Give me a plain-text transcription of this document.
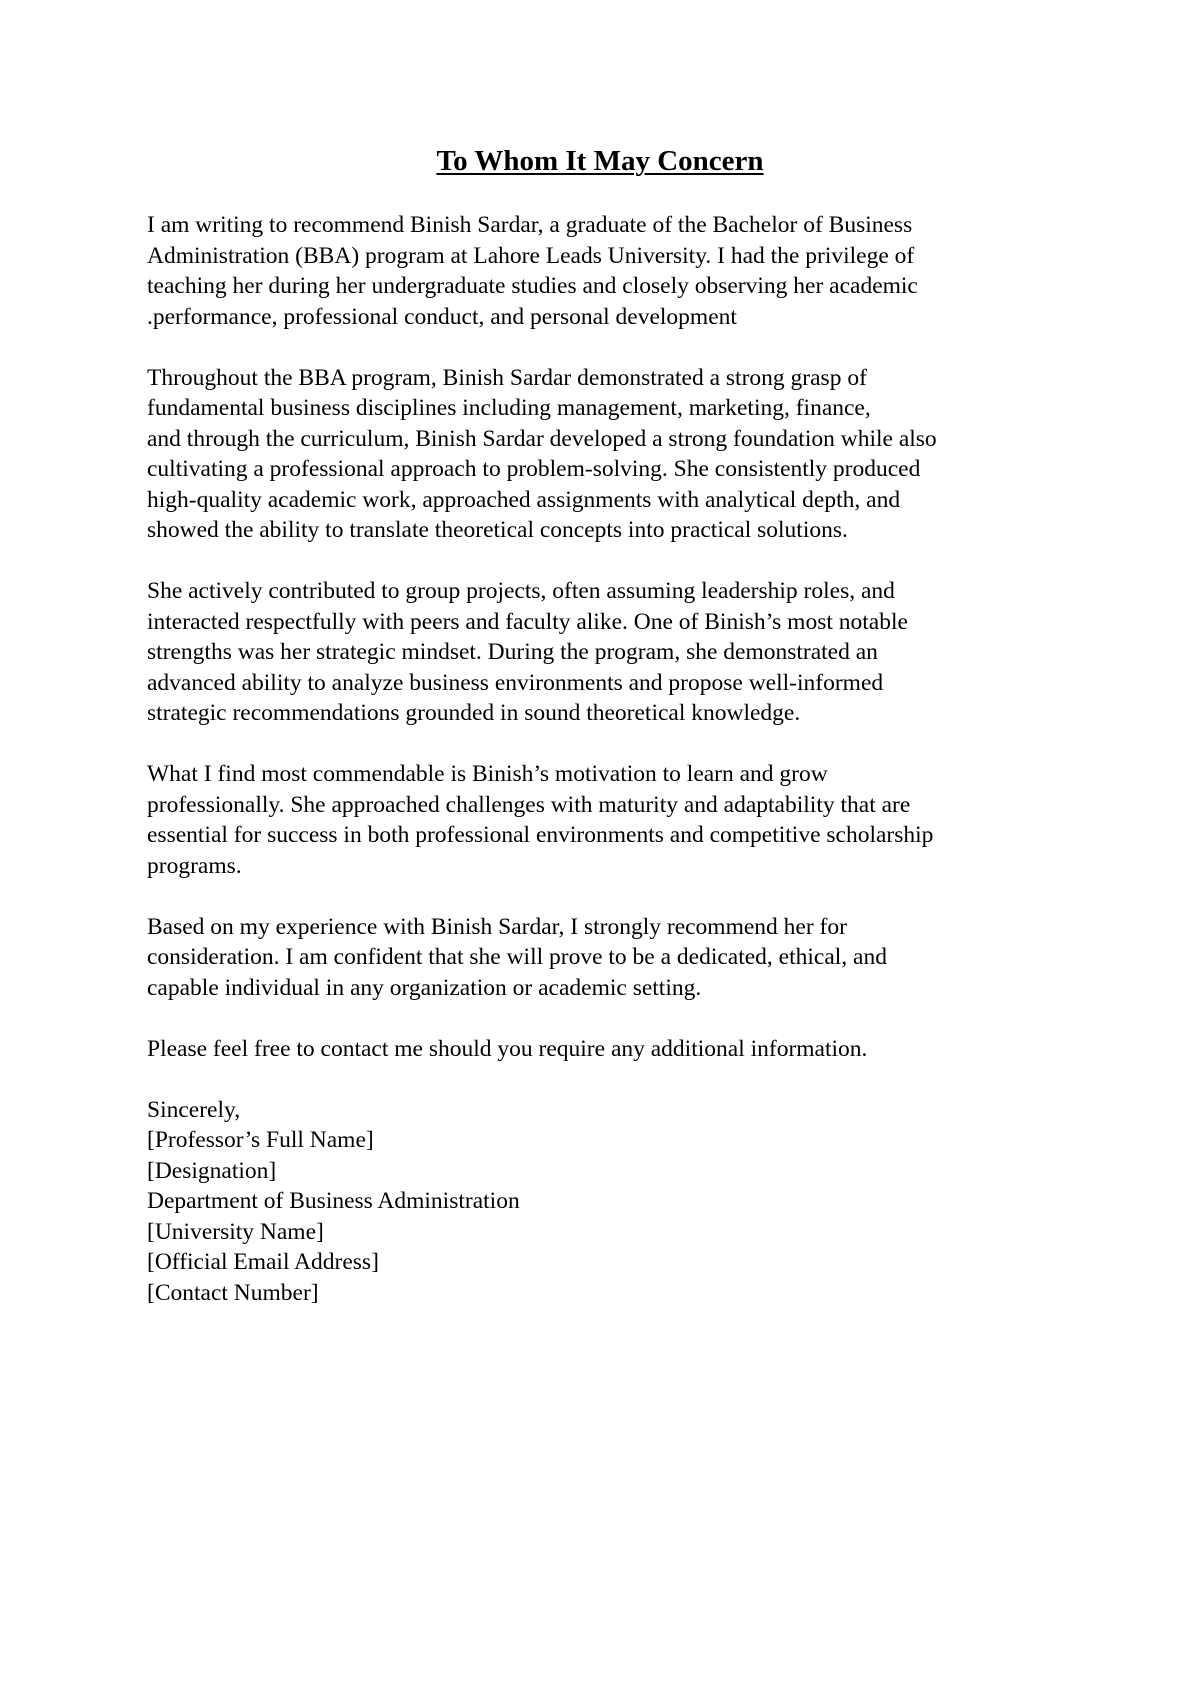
To Whom It May Concern
I am writing to recommend Binish Sardar, a graduate of the Bachelor of Business
Administration (BBA) program at Lahore Leads University. I had the privilege of
teaching her during her undergraduate studies and closely observing her academic
.performance, professional conduct, and personal development
Throughout the BBA program, Binish Sardar demonstrated a strong grasp of
fundamental business disciplines including management, marketing, finance,
and through the curriculum, Binish Sardar developed a strong foundation while also
cultivating a professional approach to problem-solving. She consistently produced
high-quality academic work, approached assignments with analytical depth, and
showed the ability to translate theoretical concepts into practical solutions.
She actively contributed to group projects, often assuming leadership roles, and
interacted respectfully with peers and faculty alike. One of Binish’s most notable
strengths was her strategic mindset. During the program, she demonstrated an
advanced ability to analyze business environments and propose well-informed
strategic recommendations grounded in sound theoretical knowledge.
What I find most commendable is Binish’s motivation to learn and grow
professionally. She approached challenges with maturity and adaptability that are
essential for success in both professional environments and competitive scholarship
programs.
Based on my experience with Binish Sardar, I strongly recommend her for
consideration. I am confident that she will prove to be a dedicated, ethical, and
capable individual in any organization or academic setting.
Please feel free to contact me should you require any additional information.
Sincerely,
[Professor’s Full Name]
[Designation]
Department of Business Administration
[University Name]
[Official Email Address]
[Contact Number]
